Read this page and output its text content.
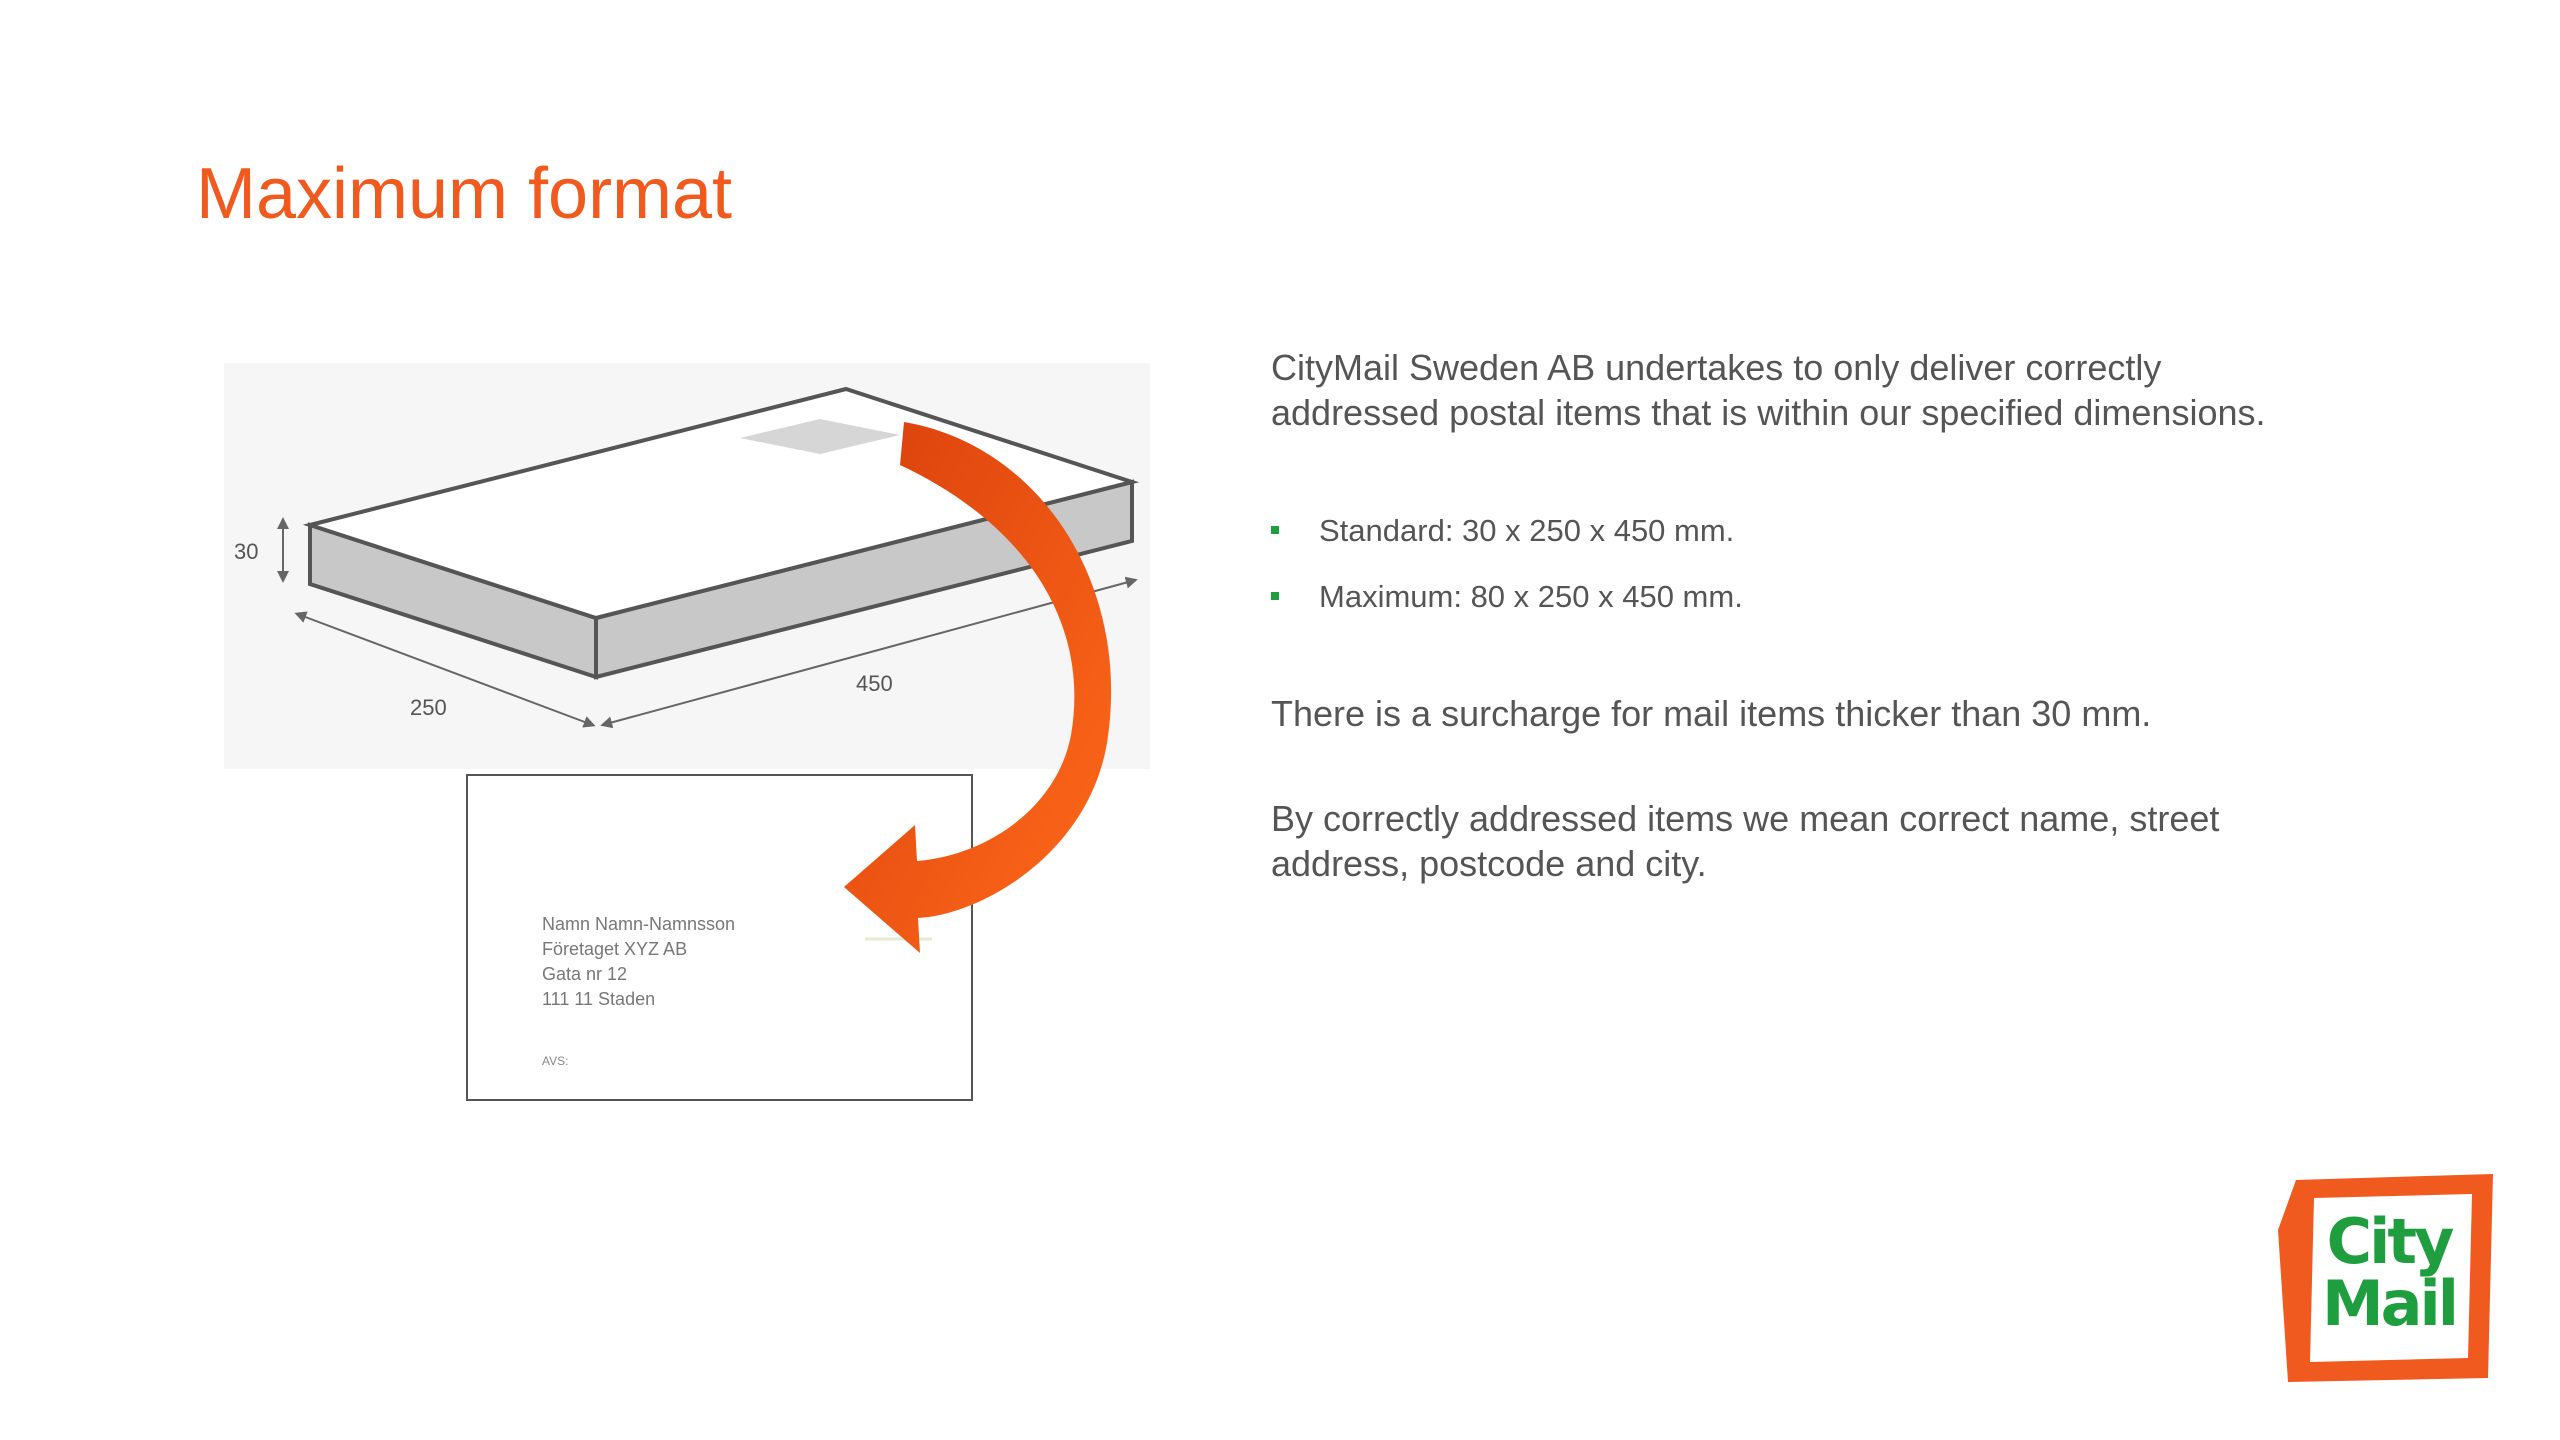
Maximum format
30
250
450
Namn Namn-Namnsson
Företaget XYZ AB
Gata nr 12
111 11 Staden
AVS:

CityMail Sweden AB undertakes to only deliver correctly addressed postal items that is within our specified dimensions.

Standard: 30 x 250 x 450 mm.
Maximum: 80 x 250 x 450 mm.

There is a surcharge for mail items thicker than 30 mm.

By correctly addressed items we mean correct name, street address, postcode and city.

City
Mail
